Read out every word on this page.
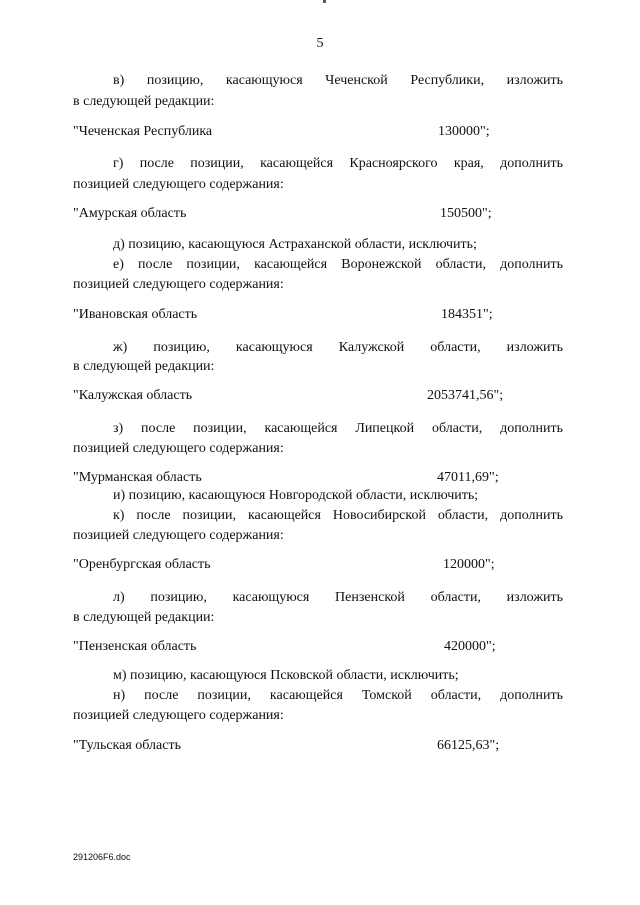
5
в) позицию, касающуюся Чеченской Республики, изложить
в следующей редакции:
"Чеченская Республика	130000";
г) после позиции, касающейся Красноярского края, дополнить
позицией следующего содержания:
"Амурская область	150500";
д) позицию, касающуюся Астраханской области, исключить;
е) после позиции, касающейся Воронежской области, дополнить
позицией следующего содержания:
"Ивановская область	184351";
ж) позицию, касающуюся Калужской области, изложить
в следующей редакции:
"Калужская область	2053741,56";
з) после позиции, касающейся Липецкой области, дополнить
позицией следующего содержания:
"Мурманская область	47011,69";
и) позицию, касающуюся Новгородской области, исключить;
к) после позиции, касающейся Новосибирской области, дополнить
позицией следующего содержания:
"Оренбургская область	120000";
л) позицию, касающуюся Пензенской области, изложить
в следующей редакции:
"Пензенская область	420000";
м) позицию, касающуюся Псковской области, исключить;
н) после позиции, касающейся Томской области, дополнить
позицией следующего содержания:
"Тульская область	66125,63";
291206F6.doc
